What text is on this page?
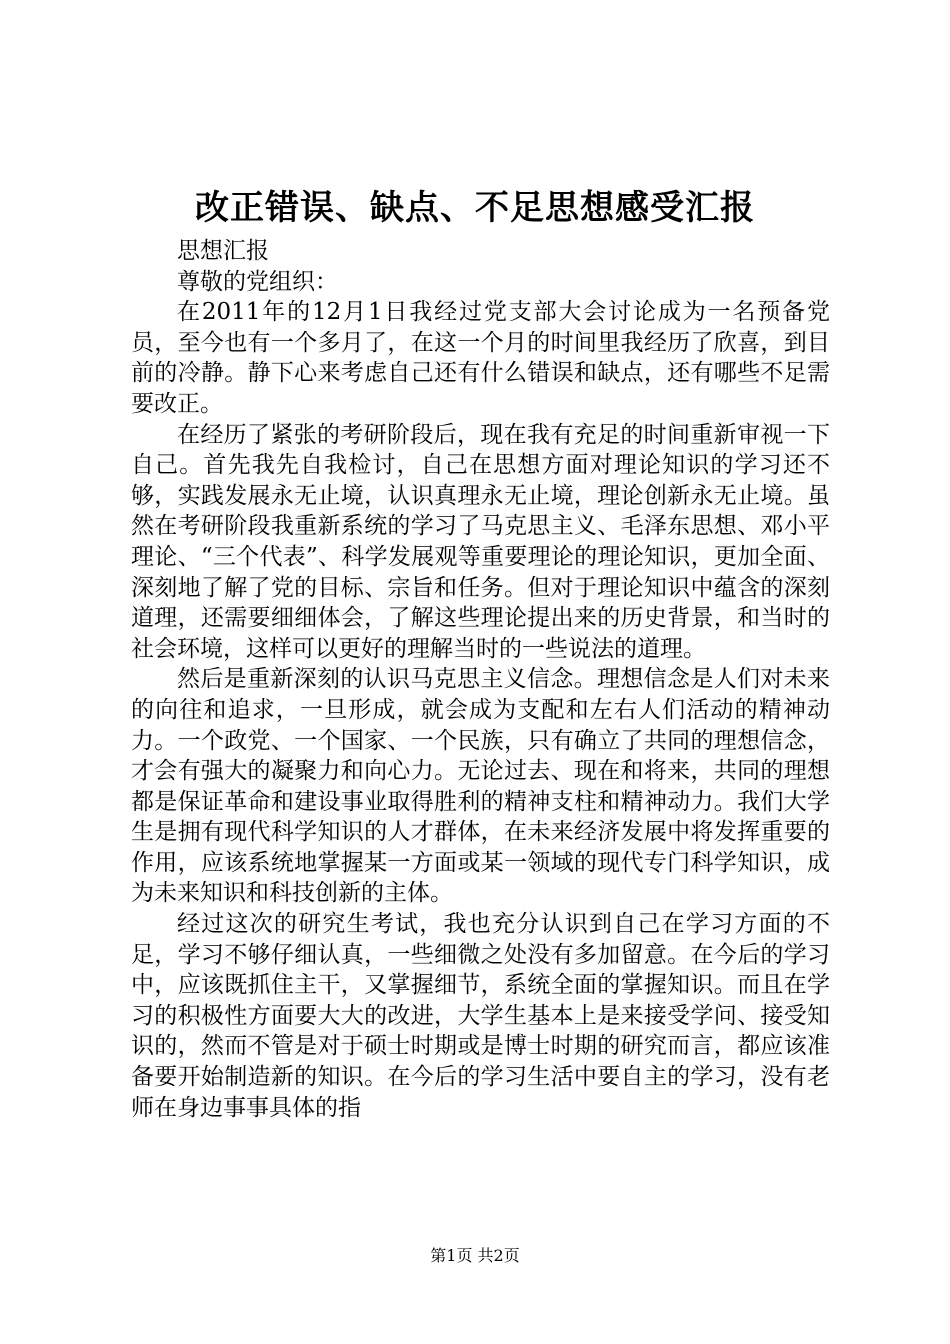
改正错误、缺点、不足思想感受汇报

思想汇报

尊敬的党组织：

在2011年的12月1日我经过党支部大会讨论成为一名预备党员，至今也有一个多月了，在这一个月的时间里我经历了欣喜，到目前的冷静。静下心来考虑自己还有什么错误和缺点，还有哪些不足需要改正。

在经历了紧张的考研阶段后，现在我有充足的时间重新审视一下自己。首先我先自我检讨，自己在思想方面对理论知识的学习还不够，实践发展永无止境，认识真理永无止境，理论创新永无止境。虽然在考研阶段我重新系统的学习了马克思主义、毛泽东思想、邓小平理论、“三个代表”、科学发展观等重要理论的理论知识，更加全面、深刻地了解了党的目标、宗旨和任务。但对于理论知识中蕴含的深刻道理，还需要细细体会，了解这些理论提出来的历史背景，和当时的社会环境，这样可以更好的理解当时的一些说法的道理。

然后是重新深刻的认识马克思主义信念。理想信念是人们对未来的向往和追求，一旦形成，就会成为支配和左右人们活动的精神动力。一个政党、一个国家、一个民族，只有确立了共同的理想信念，才会有强大的凝聚力和向心力。无论过去、现在和将来，共同的理想都是保证革命和建设事业取得胜利的精神支柱和精神动力。我们大学生是拥有现代科学知识的人才群体，在未来经济发展中将发挥重要的作用，应该系统地掌握某一方面或某一领域的现代专门科学知识，成为未来知识和科技创新的主体。

经过这次的研究生考试，我也充分认识到自己在学习方面的不足，学习不够仔细认真，一些细微之处没有多加留意。在今后的学习中，应该既抓住主干，又掌握细节，系统全面的掌握知识。而且在学习的积极性方面要大大的改进，大学生基本上是来接受学问、接受知识的，然而不管是对于硕士时期或是博士时期的研究而言，都应该准备要开始制造新的知识。在今后的学习生活中要自主的学习，没有老师在身边事事具体的指

第1页 共2页
